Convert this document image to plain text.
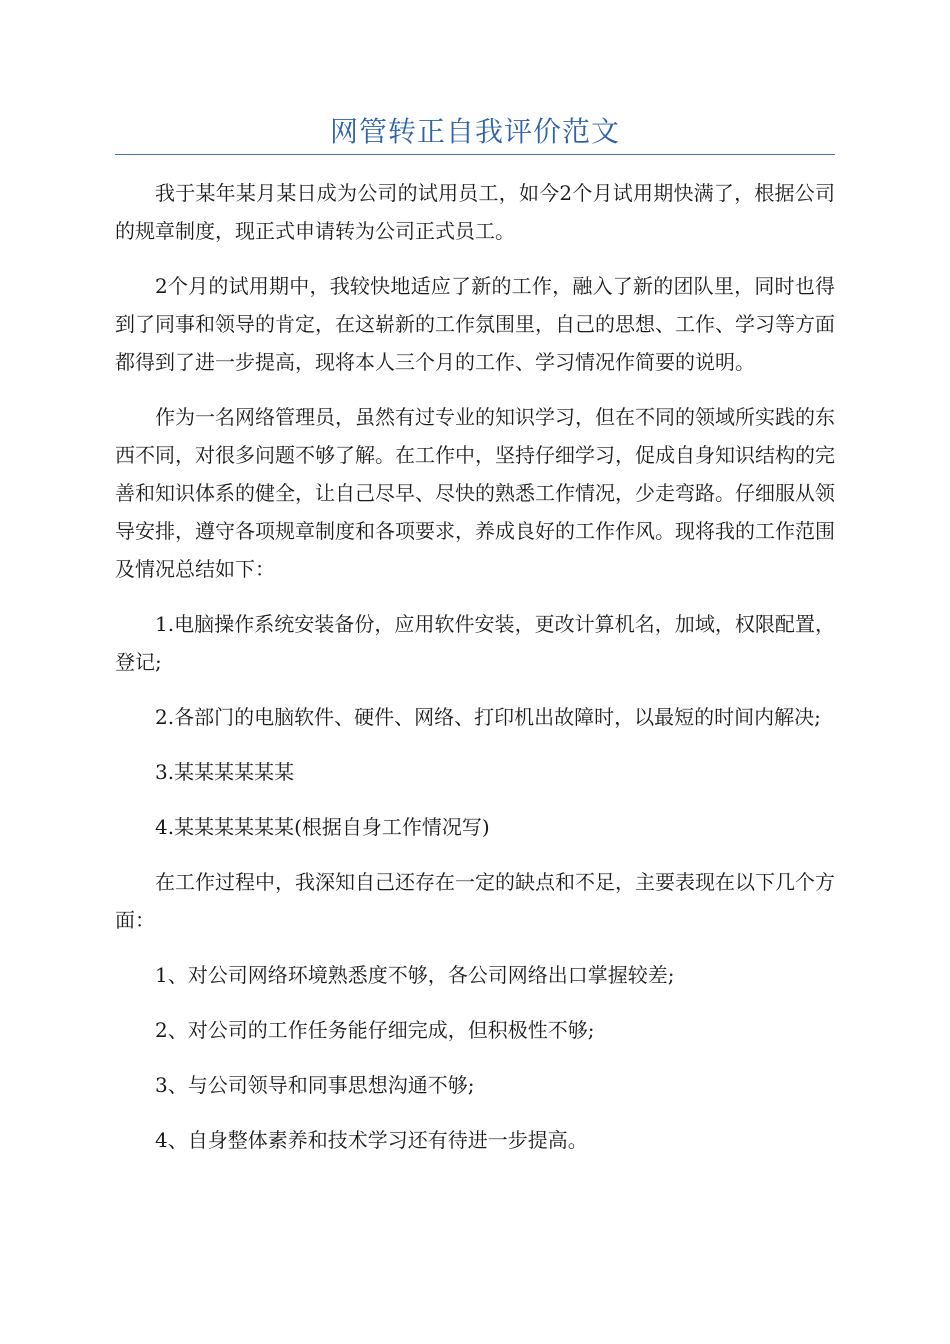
网管转正自我评价范文

我于某年某月某日成为公司的试用员工，如今2个月试用期快满了，根据公司的规章制度，现正式申请转为公司正式员工。

2个月的试用期中，我较快地适应了新的工作，融入了新的团队里，同时也得到了同事和领导的肯定，在这崭新的工作氛围里，自己的思想、工作、学习等方面都得到了进一步提高，现将本人三个月的工作、学习情况作简要的说明。

作为一名网络管理员，虽然有过专业的知识学习，但在不同的领域所实践的东西不同，对很多问题不够了解。在工作中，坚持仔细学习，促成自身知识结构的完善和知识体系的健全，让自己尽早、尽快的熟悉工作情况，少走弯路。仔细服从领导安排，遵守各项规章制度和各项要求，养成良好的工作作风。现将我的工作范围及情况总结如下：

1.电脑操作系统安装备份，应用软件安装，更改计算机名，加域，权限配置，登记;

2.各部门的电脑软件、硬件、网络、打印机出故障时，以最短的时间内解决;

3.某某某某某某

4.某某某某某某(根据自身工作情况写)

在工作过程中，我深知自己还存在一定的缺点和不足，主要表现在以下几个方面：

1、对公司网络环境熟悉度不够，各公司网络出口掌握较差;

2、对公司的工作任务能仔细完成，但积极性不够;

3、与公司领导和同事思想沟通不够;

4、自身整体素养和技术学习还有待进一步提高。
